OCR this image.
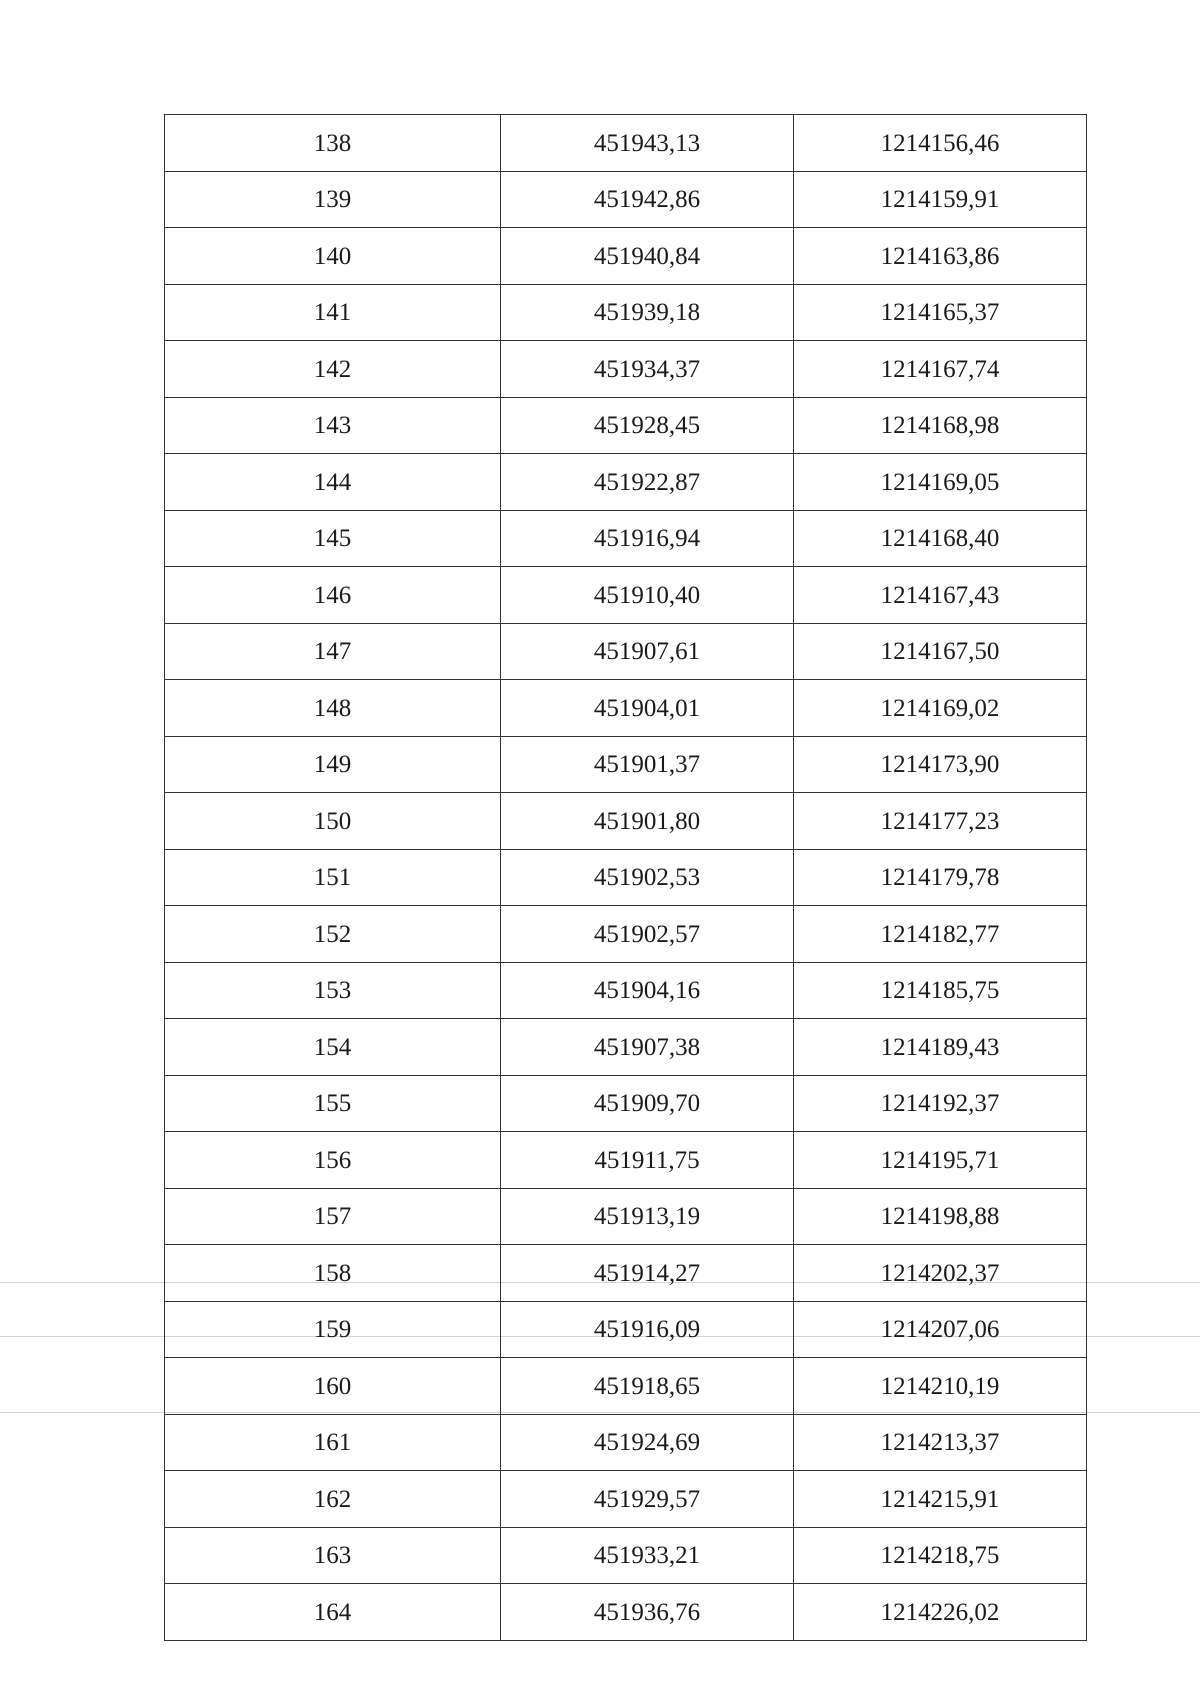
138	451943,13	1214156,46
139	451942,86	1214159,91
140	451940,84	1214163,86
141	451939,18	1214165,37
142	451934,37	1214167,74
143	451928,45	1214168,98
144	451922,87	1214169,05
145	451916,94	1214168,40
146	451910,40	1214167,43
147	451907,61	1214167,50
148	451904,01	1214169,02
149	451901,37	1214173,90
150	451901,80	1214177,23
151	451902,53	1214179,78
152	451902,57	1214182,77
153	451904,16	1214185,75
154	451907,38	1214189,43
155	451909,70	1214192,37
156	451911,75	1214195,71
157	451913,19	1214198,88
158	451914,27	1214202,37
159	451916,09	1214207,06
160	451918,65	1214210,19
161	451924,69	1214213,37
162	451929,57	1214215,91
163	451933,21	1214218,75
164	451936,76	1214226,02
